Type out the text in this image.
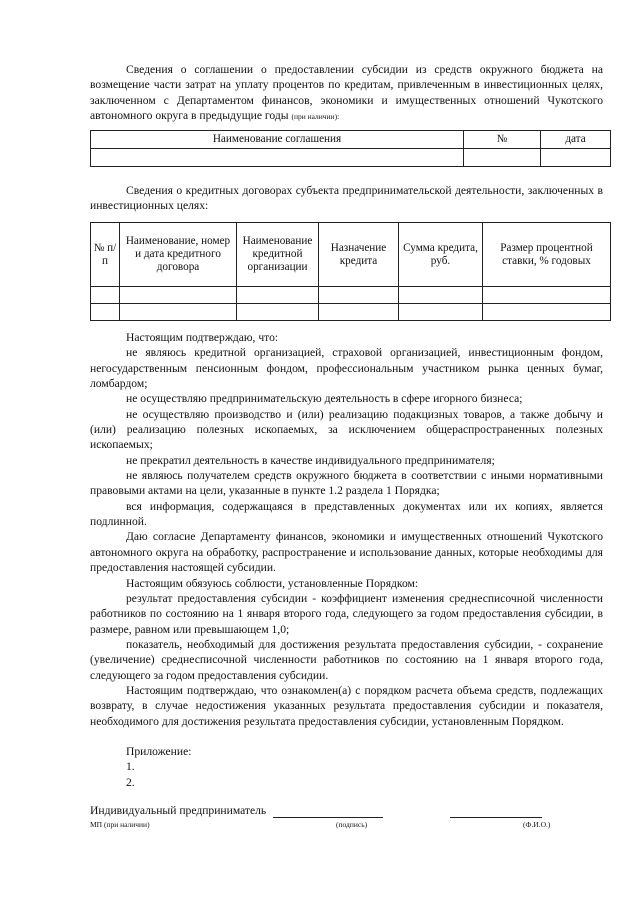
Сведения о соглашении о предоставлении субсидии из средств окружного бюджета на возмещение части затрат на уплату процентов по кредитам, привлеченным в инвестиционных целях, заключенном с Департаментом финансов, экономики и имущественных отношений Чукотского автономного округа в предыдущие годы (при наличии):

Наименование соглашения	№	дата

Сведения о кредитных договорах субъекта предпринимательской деятельности, заключенных в инвестиционных целях:

№ п/п	Наименование, номер и дата кредитного договора	Наименование кредитной организации	Назначение кредита	Сумма кредита, руб.	Размер процентной ставки, % годовых

Настоящим подтверждаю, что:

не являюсь кредитной организацией, страховой организацией, инвестиционным фондом, негосударственным пенсионным фондом, профессиональным участником рынка ценных бумаг, ломбардом;

не осуществляю предпринимательскую деятельность в сфере игорного бизнеса;

не осуществляю производство и (или) реализацию подакцизных товаров, а также добычу и (или) реализацию полезных ископаемых, за исключением общераспространенных полезных ископаемых;

не прекратил деятельность в качестве индивидуального предпринимателя;

не являюсь получателем средств окружного бюджета в соответствии с иными нормативными правовыми актами на цели, указанные в пункте 1.2 раздела 1 Порядка;

вся информация, содержащаяся в представленных документах или их копиях, является подлинной.

Даю согласие Департаменту финансов, экономики и имущественных отношений Чукотского автономного округа на обработку, распространение и использование данных, которые необходимы для предоставления настоящей субсидии.

Настоящим обязуюсь соблюсти, установленные Порядком:

результат предоставления субсидии - коэффициент изменения среднесписочной численности работников по состоянию на 1 января второго года, следующего за годом предоставления субсидии, в размере, равном или превышающем 1,0;

показатель, необходимый для достижения результата предоставления субсидии, - сохранение (увеличение) среднесписочной численности работников по состоянию на 1 января второго года, следующего за годом предоставления субсидии.

Настоящим подтверждаю, что ознакомлен(а) с порядком расчета объема средств, подлежащих возврату, в случае недостижения указанных результата предоставления субсидии и показателя, необходимого для достижения результата предоставления субсидии, установленным Порядком.

Приложение:
1.
2.
Индивидуальный предприниматель
МП (при наличии)	(подпись)	(Ф.И.О.)
